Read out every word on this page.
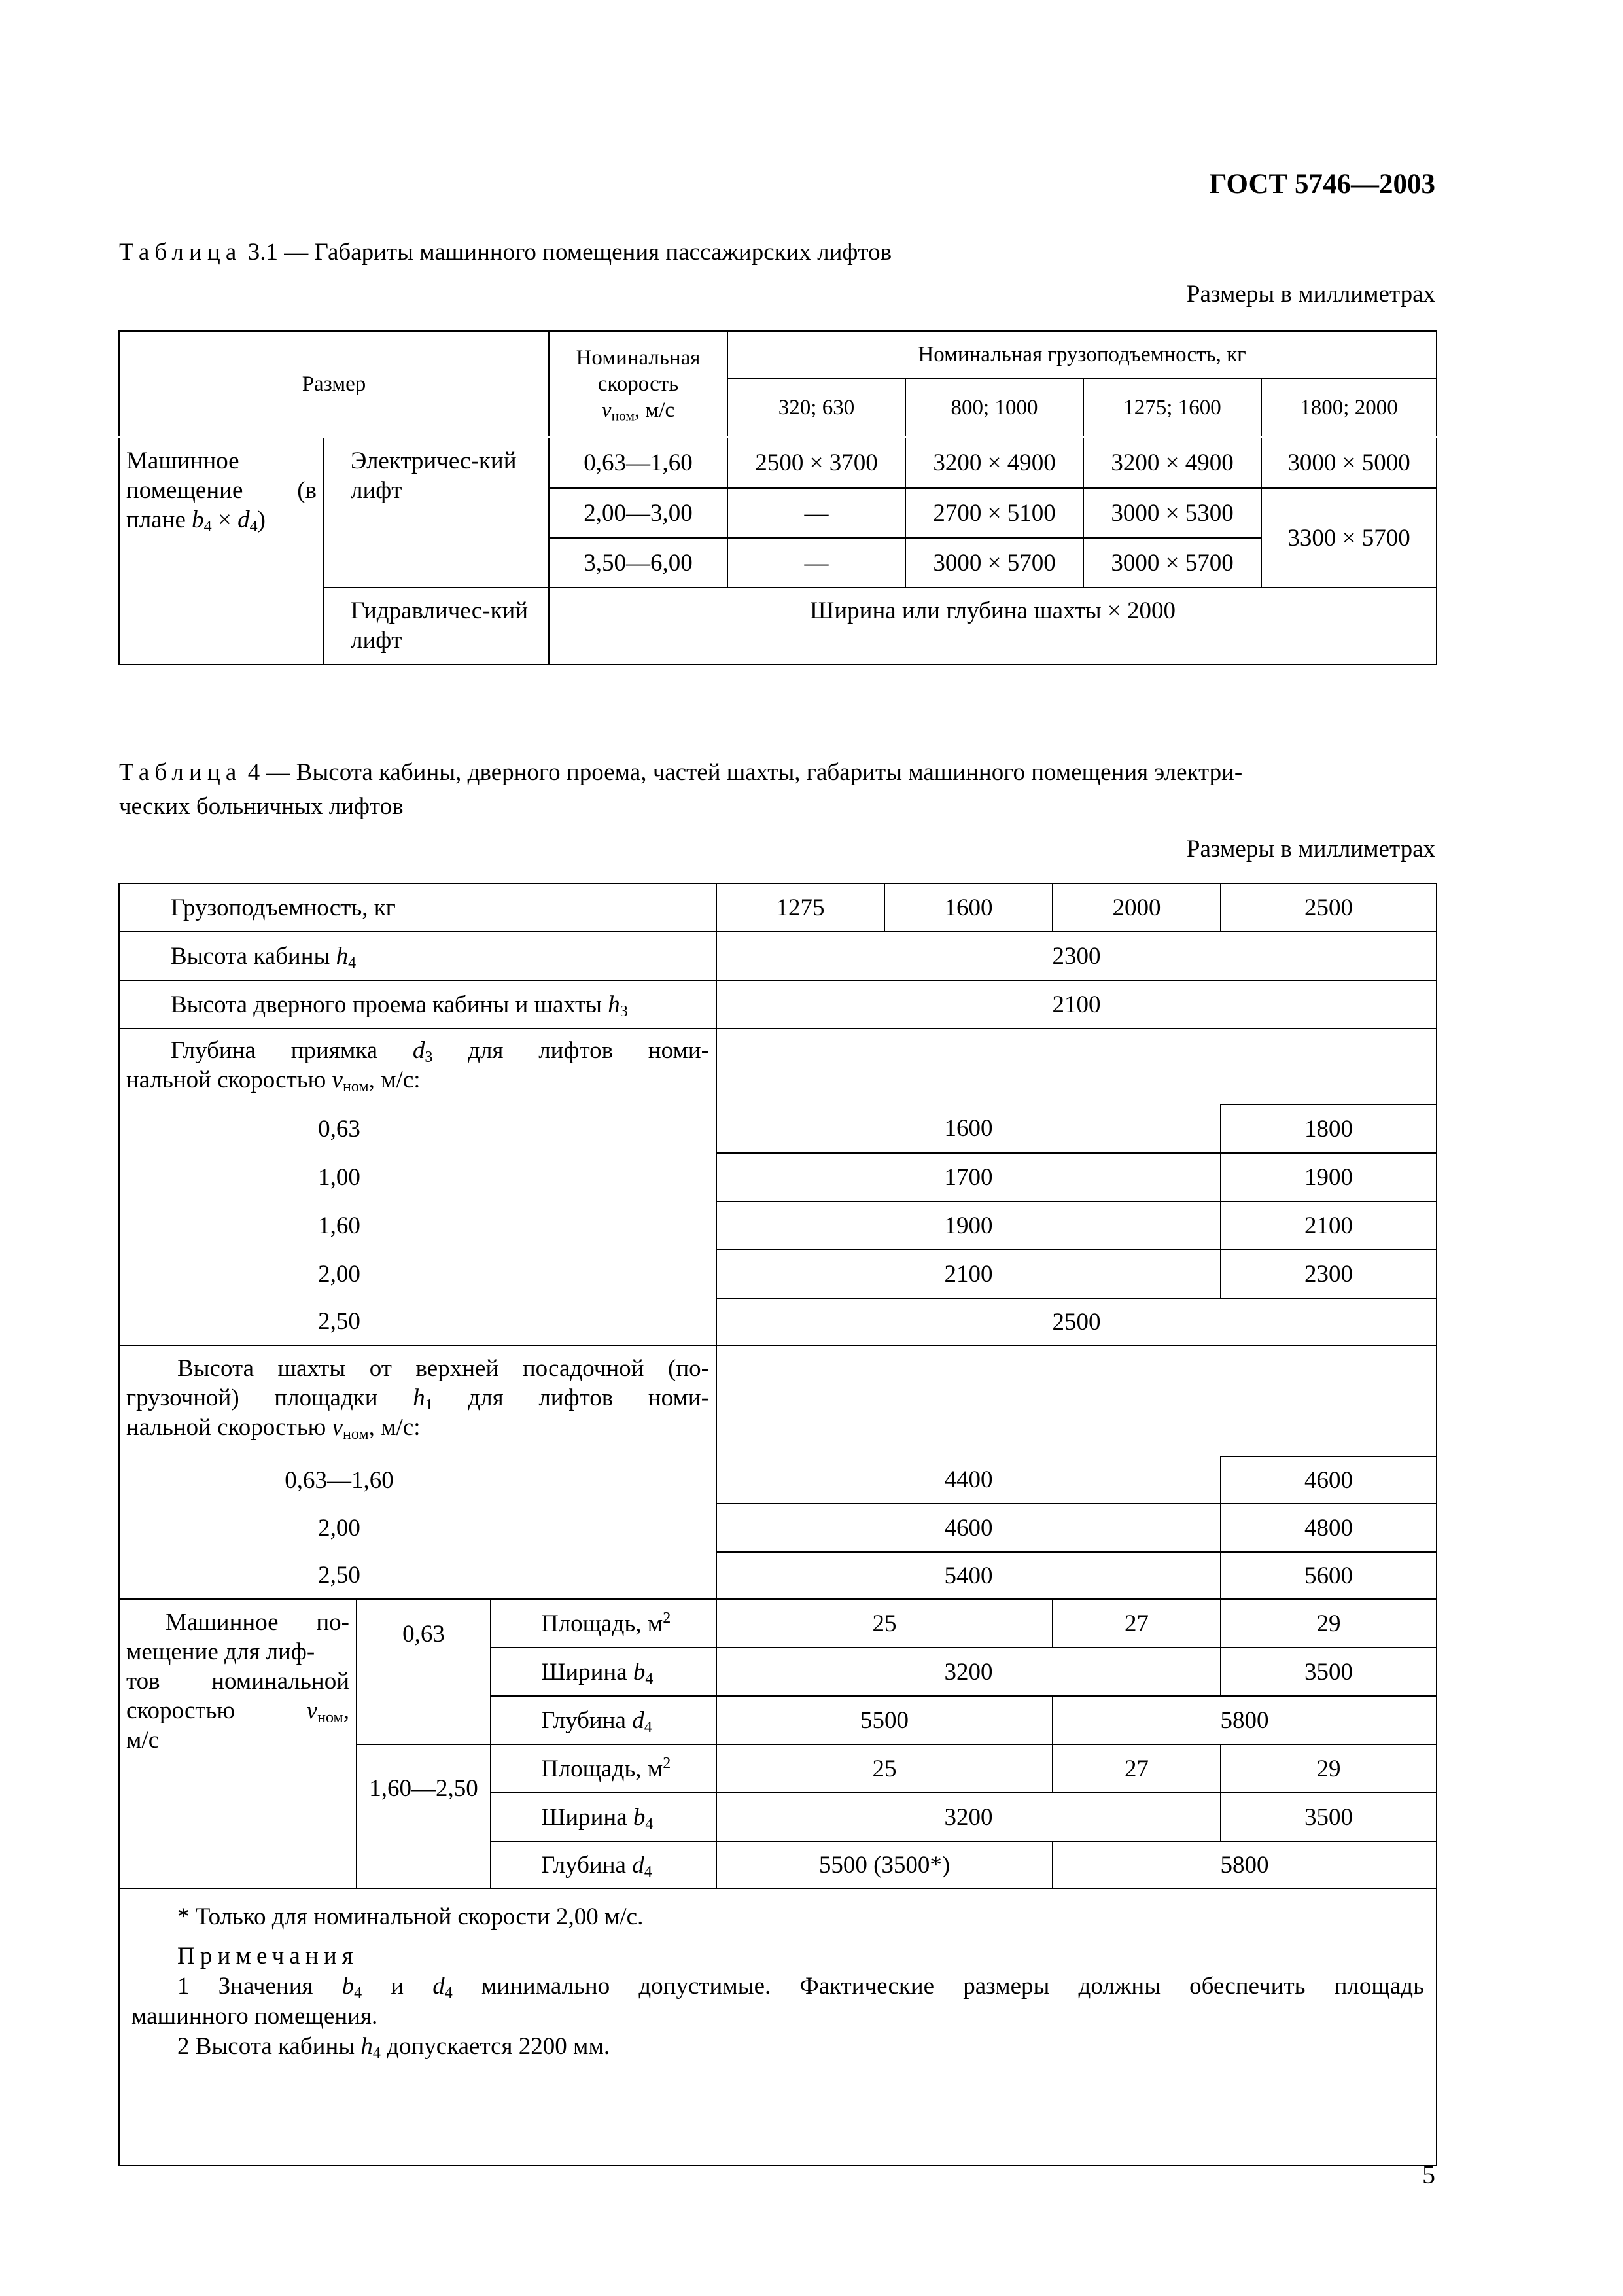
ГОСТ 5746—2003
Таблица 3.1 — Габариты машинного помещения пассажирских лифтов
Размеры в миллиметрах
Размер		Номинальная
скорость
$v_{ном}$, м/с	Номинальная грузоподъемность, кг			
			320; 630	800; 1000	1275; 1600	1800; 2000
Машинное помещение (в плане $b_4 \times d_4$)	Электричес-кий лифт	0,63—1,60	2500 × 3700	3200 × 4900	3200 × 4900	3000 × 5000
		2,00—3,00	—	2700 × 5100	3000 × 5300	3300 × 5700
		3,50—6,00	—	3000 × 5700	3000 × 5700	
	Гидравличес-кий лифт	Ширина или глубина шахты × 2000				
Таблица 4 — Высота кабины, дверного проема, частей шахты, габариты машинного помещения электри-
ческих больничных лифтов
Размеры в миллиметрах
Грузоподъемность, кг			1275	1600	2000	2500
Высота кабины $h_4$			2300			
Высота дверного проема кабины и шахты $h_3$			2100			

Глубина приямка $d_3$ для лифтов номи-
нальной скоростью $v_{ном}$, м/с:						

0,63			1600			1800
1,00			1700			1900
1,60			1900			2100
2,00			2100			2300
2,50			2500			

Высота шахты от верхней посадочной (по-
грузочной) площадки $h_1$ для лифтов номи-
нальной скоростью $v_{ном}$, м/с:						

0,63—1,60			4400			4600
2,00			4600			4800
2,50			5400			5600

Машинное по-
мещение для лиф-
тов номинальной
скоростью $v_{ном}$,
м/с	0,63	Площадь, $м^2$	25		27	29
		Ширина $b_4$	3200			3500
		Глубина $d_4$	5500		5800	
	1,60—2,50	Площадь, $м^2$	25		27	29
		Ширина $b_4$	3200			3500
		Глубина $d_4$	5500 (3500*)		5800	

* Только для номинальной скорости 2,00 м/с.
Примечания
1 Значения $b_4$ и $d_4$ минимально допустимые. Фактические размеры должны обеспечить площадь
машинного помещения.
2 Высота кабины $h_4$ допускается 2200 мм.						
5
